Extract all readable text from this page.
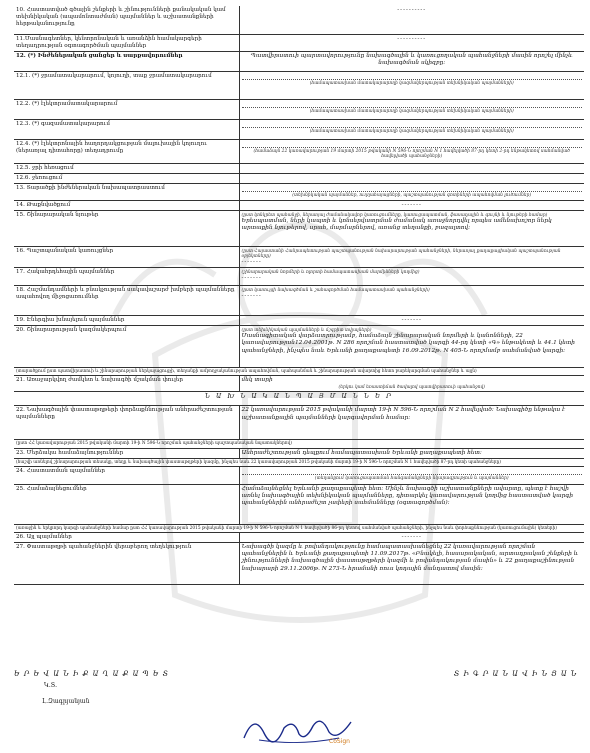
10. Հաստատված գծային շենքերի և շինությունների քանակական կամ տեխնիկական (ապամոնտաժման) պայմաններ և աշխատանքների հերթականությունը	----------
11.Մասնագետներ, կենտրոնական և առանձին համակարգերի տեղադրության օգտագործման պայմաններ	----------
12. (*) Ինժեներական ցանցեր և սարքավորումներ	Պատվիրատուի պարտավորությունը նախագծային և կառուցողական պահանջների մասին որոշել մինչև նախագծման սկիզբը:
12.1. (*) ջրամատակարարում, կոյուղի, տաք ջրամատակարարում	(համապատասխան մատակարարողի կազմակերպության տեխնիկական պայմանների)

12.2. (*) էլեկտրամատակարարում	(համապատասխան մատակարարողի կազմակերպության տեխնիկական պայմանների)

12.3. (*) գազամատակարարում	(համապատասխան մատակարարողի կազմակերպության տեխնիկական պայմանների)

12.4. (*) էլեկտրոնային հաղորդակցության մալուխային կոյուղու (ներառյալ դիտահորը) տեղադրումը	(համաձայն 22 կառավարության 19 մարտի 2015 թվականի N 596-Ն որոշման N 1 հավելվածի 87-րդ կետի 2-րդ ենթակետով սահմանված հավելվածի պահանջների)

12.5. ջրի հեռացում	
12.6. ջեռուցում	
13. Տարածքի ինժեներական նախապատրաստում	(տեխնիկական պայմաններ, ուղղահայացների, պաշտպանության գոտիների ապահովման լուծումներ)

14. Թաքնվածքում	-------
15. Շինարարական նյութեր	(ըստ կոնկրետ պահանջի, ներառյալ ժամանակավոր կառուցումները, կառուցապատման, ֆասադային և գույնի և նյութերի համար)
Երեսպատման, ների կապտի և կոնսերվատրման ժամանակ առաջնորդվել որպես ամենախոշոր ներկ արտաքին նյութերով, սրահ, մարմարներով, առանց տեղանքի, բազալտով:
16. Պաշտպանական կառույցներ	(ըստ Հայաստանի Հանրապետության պաշտպանության նախարարության պահանջների, ներառյալ քաղաքացիական պաշտպանության օբյեկտները)
-------
17. Հակահրդեհային պայմաններ	(շինարարական նորմերի և ոլորտի համապատասխան մարմինների կողմից)
-------
18. Հաշմանդամների և բնակչության սակավաշարժ խմբերի պայմանները ապահովող միջոցառումներ	(ըստ կառույցի նախագծման և շահագործման համապատասխան պահանջների)
-------
19. Էներգիա խնայելուն պայմաններ	-------
20. Շինարարության կազմակերպում	(ըստ տեխնիկական պայմանների և ճշգրիտ տվյալների)
Մասնագիտական վարձատրությամբ, համաձայն շինարարական նորմերի և կանոնների, 22 կառավարության12.04.2001թ. N 286 որոշման հաստատված կարգի 44-րդ կետի «Գ» ենթակետի և 44.1 կետի պահանջների, ինչպես նաև Երևանի քաղաքապետի 16.09.2012թ. N 405-Ն որոշմամբ սահմանված կարգի:
(տարածքում ըստ պատվիրատուի և շինարարության ներկայացուցչի, տեղանքի ամբողջականության ապահովման, պահպանման և շինարարության ավարտից հետո բարեկարգման պահանջներ և այլն)	
21. Առաջարկվող ժամկետ և նախագծի մշակման փուլեր	մեկ տարի
(երկու կամ եռաստիճան ծավալով պատվիրատուի պահանջով)

Ն Ա Խ Ն Ա Կ Ա Ն Պ Ա Յ Մ Ա Ն Ն Ե Ր	
22. Նախագծային փաստաթղթերի փորձաքննության անհրաժեշտության պայմանները	22 կառավարության 2015 թվականի մարտի 19-ի N 596-Ն որոշման N 2 հավելված: Նախագիծը ենթակա է աշխատանքային պայմանների կարգավորման համար:
(ըստ ՀՀ կառավարության 2015 թվականի մարտի 19-ի N 596-Ն որոշման պահանջների պաշտպանական նպատակներով)	
23. Մերձակա համաձայնություններ	Անհրաժեշտության դեպքում համապատասխան Երևանի քաղաքապետի հետ:
(հաշվի առնելով շինարարության տեսակը, տեղը և նախագծային փաստաթղթերի կազմը, ինչպես նաև 22 կառավարության 2015 թվականի մարտի 19-ի N 596-Ն որոշման N 1 հավելվածի 87-րդ կետի պահանջները)	
24. Հաստատման պայմաններ	(տեղանքում կառուցապատման հանգամանքների նկարագրություն և պայմաններ)

25. Համաձայնեցումներ	Համաձայնեցնել Երևանի քաղաքապետի հետ: Մինչև նախագծի աշխատանքների ավարտը, պետք է հաշվի առնել նախագծային տեխնիկական պայմանները, դիտարկել կառավարության կողմից հաստատված կարգի պահանջներին անհրաժեշտ չափերի սահմանները (օգտագործման):
(առաջին և երկրորդ կարգի պահանջների համար ըստ ՀՀ կառավարության 2015 թվականի մարտի 19-ի N 596-Ն որոշման N 1 հավելվածի 86-րդ կետով սահմանված պահանջների, ինչպես նաև փորձաքննության (կառուցումային) կետերի)	
26. Այլ պայմաններ	-------
27. Փաստաթղթի պահանջներին վերաբերող տեղեկություն	Նախագծի կազմը և բովանդակությունը համապատասխանեցնել 22 կառավարության որոշման պահանջներին և Երևանի քաղաքապետի 11.09.2017թ. «Բնակելի, հասարակական, արտադրական շենքերի և շինությունների նախագծային փաստաթղթերի կազմի և բովանդակության մասին» և 22 քաղաքաշինության նախարարի 29.11.2006թ. N 273-Ն հրամանի ռուս կոդային մանդատով մասին:
Ե Ր Ե Վ Ա Ն Ի Ք Ա Ղ Ա Ք Ա Պ Ե Տ
Կ.Տ.
Լ.Զագրյանյան
Տ Ի Գ Ր Ա Ն Ա Վ Ի Ն Յ Ա Ն
CoSign
